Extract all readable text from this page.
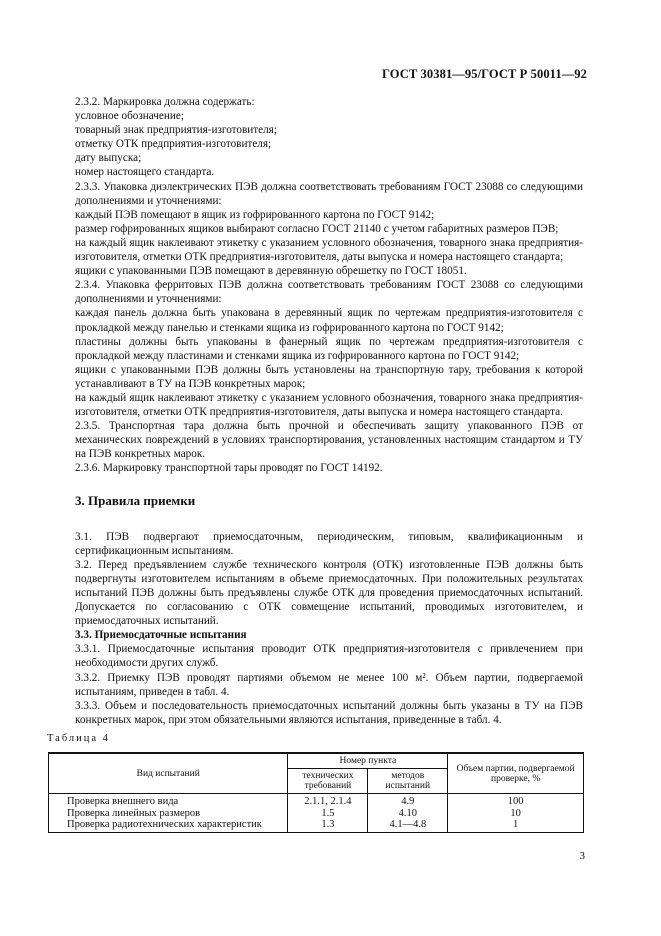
ГОСТ 30381—95/ГОСТ Р 50011—92

2.3.2. Маркировка должна содержать:

условное обозначение;

товарный знак предприятия-изготовителя;

отметку ОТК предприятия-изготовителя;

дату выпуска;

номер настоящего стандарта.

2.3.3. Упаковка диэлектрических ПЭВ должна соответствовать требованиям ГОСТ 23088 со следующими дополнениями и уточнениями:

каждый ПЭВ помещают в ящик из гофрированного картона по ГОСТ 9142;

размер гофрированных ящиков выбирают согласно ГОСТ 21140 с учетом габаритных размеров ПЭВ;

на каждый ящик наклеивают этикетку с указанием условного обозначения, товарного знака предприятия-изготовителя, отметки ОТК предприятия-изготовителя, даты выпуска и номера настоящего стандарта;

ящики с упакованными ПЭВ помещают в деревянную обрешетку по ГОСТ 18051.

2.3.4. Упаковка ферритовых ПЭВ должна соответствовать требованиям ГОСТ 23088 со следующими дополнениями и уточнениями:

каждая панель должна быть упакована в деревянный ящик по чертежам предприятия-изготовителя с прокладкой между панелью и стенками ящика из гофрированного картона по ГОСТ 9142;

пластины должны быть упакованы в фанерный ящик по чертежам предприятия-изготовителя с прокладкой между пластинами и стенками ящика из гофрированного картона по ГОСТ 9142;

ящики с упакованными ПЭВ должны быть установлены на транспортную тару, требования к которой устанавливают в ТУ на ПЭВ конкретных марок;

на каждый ящик наклеивают этикетку с указанием условного обозначения, товарного знака предприятия-изготовителя, отметки ОТК предприятия-изготовителя, даты выпуска и номера настоящего стандарта.

2.3.5. Транспортная тара должна быть прочной и обеспечивать защиту упакованного ПЭВ от механических повреждений в условиях транспортирования, установленных настоящим стандартом и ТУ на ПЭВ конкретных марок.

2.3.6. Маркировку транспортной тары проводят по ГОСТ 14192.

3. Правила приемки

3.1. ПЭВ подвергают приемосдаточным, периодическим, типовым, квалификационным и сертификационным испытаниям.

3.2. Перед предъявлением службе технического контроля (ОТК) изготовленные ПЭВ должны быть подвергнуты изготовителем испытаниям в объеме приемосдаточных. При положительных результатах испытаний ПЭВ должны быть предъявлены службе ОТК для проведения приемосдаточных испытаний. Допускается по согласованию с ОТК совмещение испытаний, проводимых изготовителем, и приемосдаточных испытаний.

3.3. Приемосдаточные испытания

3.3.1. Приемосдаточные испытания проводит ОТК предприятия-изготовителя с привлечением при необходимости других служб.

3.3.2. Приемку ПЭВ проводят партиями объемом не менее 100 м². Объем партии, подвергаемой испытаниям, приведен в табл. 4.

3.3.3. Объем и последовательность приемосдаточных испытаний должны быть указаны в ТУ на ПЭВ конкретных марок, при этом обязательными являются испытания, приведенные в табл. 4.

Таблица 4
Вид испытаний	Номер пункта		Объем партии, подвергаемой проверке, %
	технических требований	методов испытаний	
Проверка внешнего вида	2.1.1, 2.1.4	4.9	100
Проверка линейных размеров	1.5	4.10	10
Проверка радиотехнических характеристик	1.3	4.1—4.8	1
3
